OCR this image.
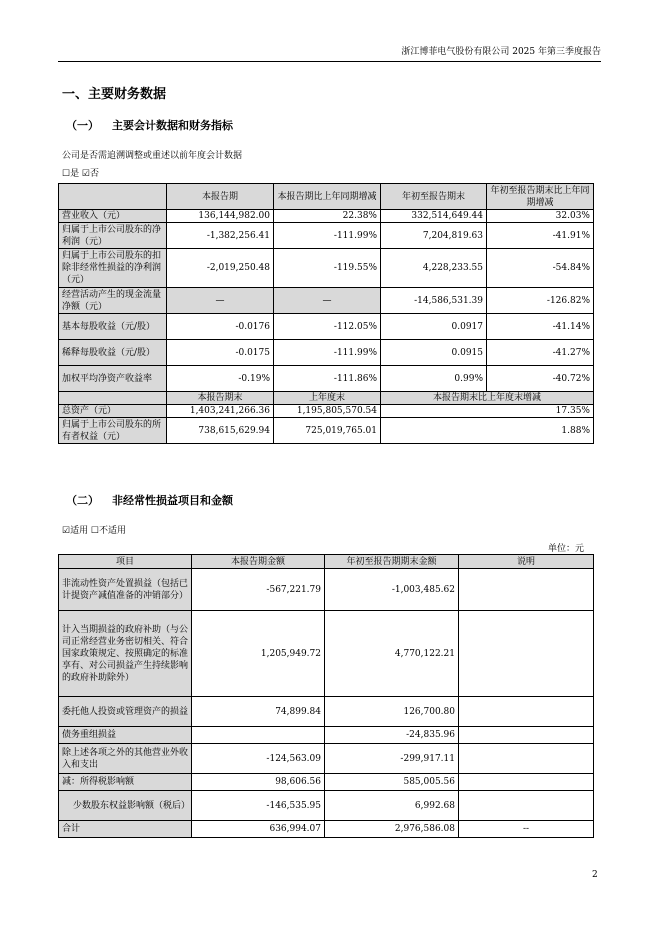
浙江博菲电气股份有限公司 2025 年第三季度报告
一、主要财务数据
（一） 主要会计数据和财务指标
公司是否需追溯调整或重述以前年度会计数据
☐是 ☑否
	本报告期	本报告期比上年同期增减	年初至报告期末	年初至报告期末比上年同期增减
营业收入（元）	136,144,982.00	22.38%	332,514,649.44	32.03%
归属于上市公司股东的净利润（元）	-1,382,256.41	-111.99%	7,204,819.63	-41.91%
归属于上市公司股东的扣除非经常性损益的净利润（元）	-2,019,250.48	-119.55%	4,228,233.55	-54.84%
经营活动产生的现金流量净额（元）	—	—	-14,586,531.39	-126.82%
基本每股收益（元/股）	-0.0176	-112.05%	0.0917	-41.14%
稀释每股收益（元/股）	-0.0175	-111.99%	0.0915	-41.27%
加权平均净资产收益率	-0.19%	-111.86%	0.99%	-40.72%
	本报告期末	上年度末	本报告期末比上年度末增减	
总资产（元）	1,403,241,266.36	1,195,805,570.54	17.35%	
归属于上市公司股东的所有者权益（元）	738,615,629.94	725,019,765.01	1.88%	
（二） 非经常性损益项目和金额
☑适用 ☐不适用
单位：元
项目	本报告期金额	年初至报告期期末金额	说明
非流动性资产处置损益（包括已计提资产减值准备的冲销部分）	-567,221.79	-1,003,485.62	
计入当期损益的政府补助（与公司正常经营业务密切相关、符合国家政策规定、按照确定的标准享有、对公司损益产生持续影响的政府补助除外）	1,205,949.72	4,770,122.21	
委托他人投资或管理资产的损益	74,899.84	126,700.80	
债务重组损益		-24,835.96	
除上述各项之外的其他营业外收入和支出	-124,563.09	-299,917.11	
减：所得税影响额	98,606.56	585,005.56	
少数股东权益影响额（税后）	-146,535.95	6,992.68	
合计	636,994.07	2,976,586.08	--
2
